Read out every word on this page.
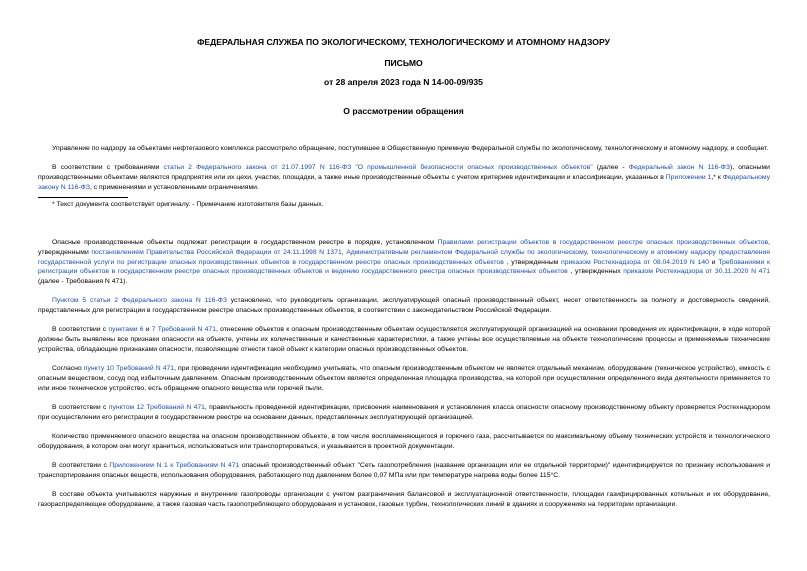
ФЕДЕРАЛЬНАЯ СЛУЖБА ПО ЭКОЛОГИЧЕСКОМУ, ТЕХНОЛОГИЧЕСКОМУ И АТОМНОМУ НАДЗОРУ
ПИСЬМО
от 28 апреля 2023 года N 14-00-09/935
О рассмотрении обращения

Управление по надзору за объектами нефтегазового комплекса рассмотрело обращение, поступившее в Общественную приемную Федеральной службы по экологическому, технологическому и атомному надзору, и сообщает.

В соответствии с требованиями статьи 2 Федерального закона от 21.07.1997 N 116-ФЗ "О промышленной безопасности опасных производственных объектов" (далее - Федеральный закон N 116-ФЗ), опасными производственными объектами являются предприятия или их цехи, участки, площадки, а также иные производственные объекты с учетом критериев идентификации и классификации, указанных в Приложении 1,* к Федеральному закону N 116-ФЗ, с применениями и установленными ограничениями.

* Текст документа соответствует оригиналу. - Примечание изготовителя базы данных.

Опасные производственные объекты подлежат регистрации в государственном реестре в порядке, установленном Правилами регистрации объектов в государственном реестре опасных производственных объектов, утвержденными постановлением Правительства Российской Федерации от 24.11.1998 N 1371, Административным регламентом Федеральной службы по экологическому, технологическому и атомному надзору предоставления государственной услуги по регистрации опасных производственных объектов в государственном реестре опасных производственных объектов , утвержденным приказом Ростехнадзора от 08.04.2019 N 140 и Требованиями к регистрации объектов в государственном реестре опасных производственных объектов и ведению государственного реестра опасных производственных объектов , утвержденных приказом Ростехнадзора от 30.11.2020 N 471 (далее - Требования N 471).

Пунктом 5 статьи 2 Федерального закона N 116-ФЗ установлено, что руководитель организации, эксплуатирующей опасный производственный объект, несет ответственность за полноту и достоверность сведений, представленных для регистрации в государственном реестре опасных производственных объектов, в соответствии с законодательством Российской Федерации.

В соответствии с пунктами 6 и 7 Требований N 471, отнесение объектов к опасным производственным объектам осуществляется эксплуатирующей организацией на основании проведения их идентификации, в ходе которой должны быть выявлены все признаки опасности на объекте, учтены их количественные и качественные характеристики, а также учтены все осуществляемые на объекте технологические процессы и применяемые технические устройства, обладающие признаками опасности, позволяющие отнести такой объект к категории опасных производственных объектов.

Согласно пункту 10 Требований N 471, при проведении идентификации необходимо учитывать, что опасным производственным объектом не является отдельный механизм, оборудование (техническое устройство), емкость с опасным веществом, сосуд под избыточным давлением. Опасным производственным объектом является определенная площадка производства, на которой при осуществлении определенного вида деятельности применяется то или иное техническое устройство, есть обращение опасного вещества или горючей пыли.

В соответствии с пунктом 12 Требований N 471, правильность проведенной идентификации, присвоения наименования и установления класса опасности опасному производственному объекту проверяется Ростехнадзором при осуществлении его регистрации в государственном реестре на основании данных, представленных эксплуатирующей организацией.

Количество применяемого опасного вещества на опасном производственном объекте, в том числе воспламеняющегося и горючего газа, рассчитывается по максимальному объему технических устройств и технологического оборудования, в котором они могут храниться, использоваться или транспортироваться, и указывается в проектной документации.

В соответствии с Приложением N 1 к Требованиям N 471 опасный производственный объект "Сеть газопотребления (название организации или ее отдельной территории)" идентифицируется по признаку использования и транспортирования опасных веществ, использования оборудования, работающего под давлением более 0,07 МПа или при температуре нагрева воды более 115°С.

В составе объекта учитываются наружные и внутренние газопроводы организации с учетом разграничения балансовой и эксплуатационной ответственности, площадки газифицированных котельных и их оборудование, газораспределяющее оборудование, а также газовая часть газопотребляющего оборудования и установок, газовых турбин, технологических линий в зданиях и сооружениях на территории организации.
